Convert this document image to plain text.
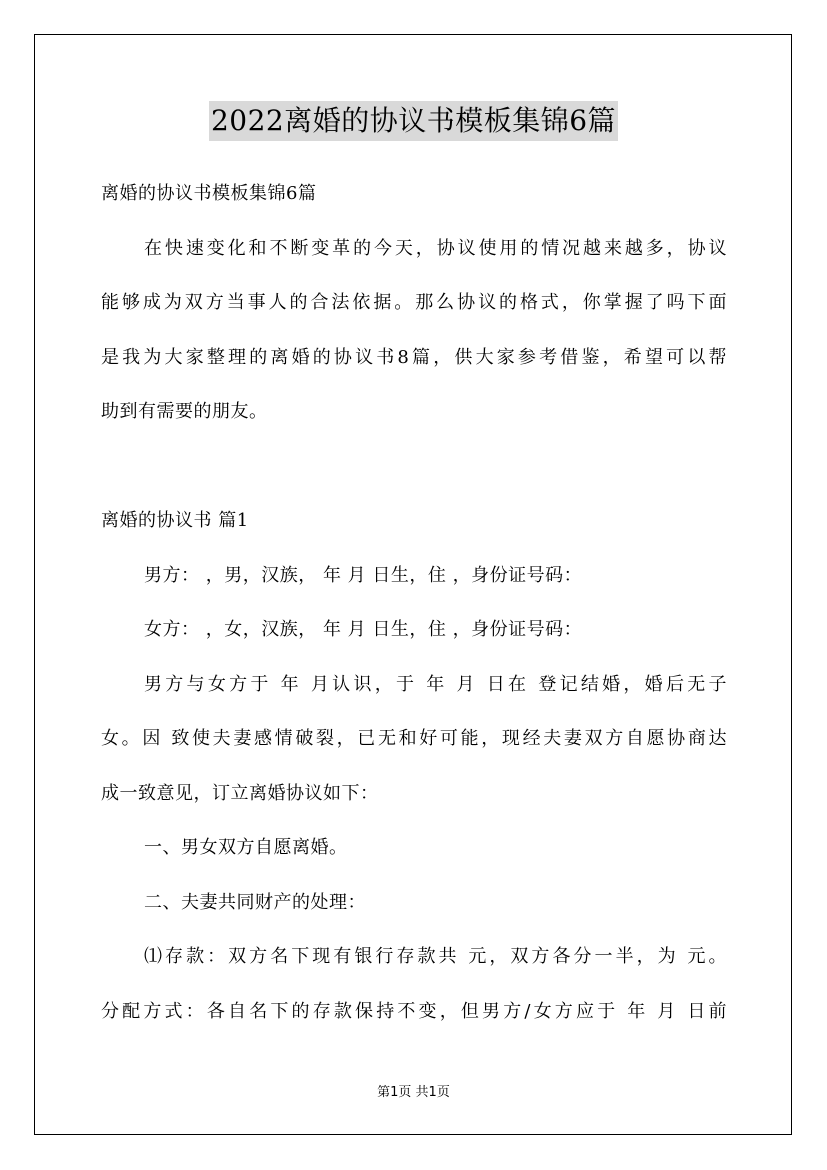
2022离婚的协议书模板集锦6篇
离婚的协议书模板集锦6篇
在快速变化和不断变革的今天，协议使用的情况越来越多，协议
能够成为双方当事人的合法依据。那么协议的格式，你掌握了吗下面
是我为大家整理的离婚的协议书8篇，供大家参考借鉴，希望可以帮
助到有需要的朋友。
离婚的协议书 篇1
男方： ，男，汉族， 年 月 日生，住 ，身份证号码：
女方： ，女，汉族， 年 月 日生，住 ，身份证号码：
男方与女方于 年 月认识，于 年 月 日在 登记结婚，婚后无子
女。因 致使夫妻感情破裂，已无和好可能，现经夫妻双方自愿协商达
成一致意见，订立离婚协议如下：
一、男女双方自愿离婚。
二、夫妻共同财产的处理：
⑴存款：双方名下现有银行存款共 元，双方各分一半，为 元。
分配方式：各自名下的存款保持不变，但男方/女方应于 年 月 日前
第1页 共1页
